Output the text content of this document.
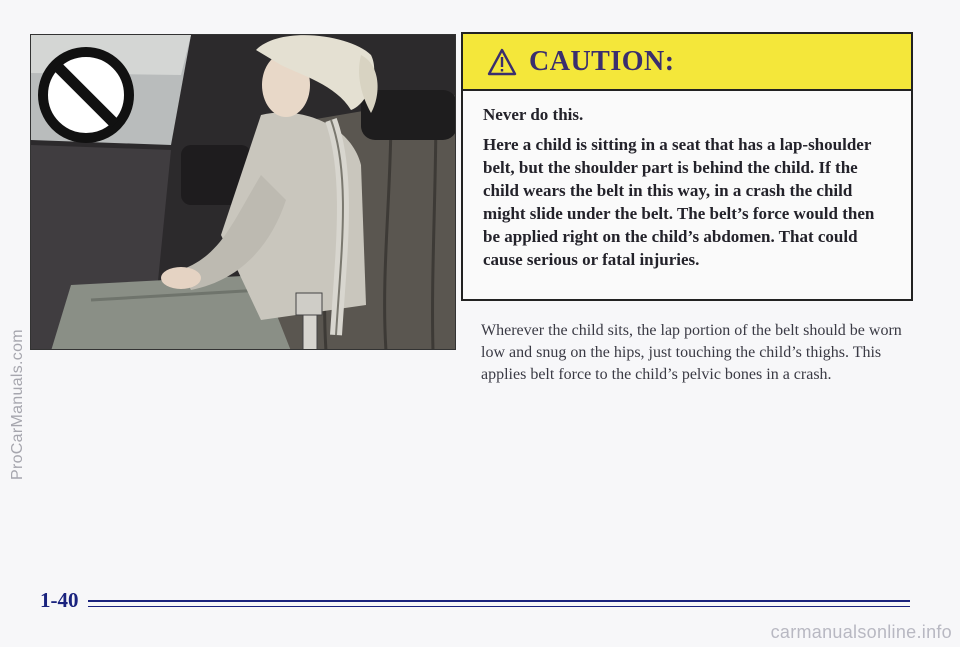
CAUTION:

Never do this.

Here a child is sitting in a seat that has a lap-shoulder belt, but the shoulder part is behind the child. If the child wears the belt in this way, in a crash the child might slide under the belt. The belt’s force would then be applied right on the child’s abdomen. That could cause serious or fatal injuries.

Wherever the child sits, the lap portion of the belt should be worn low and snug on the hips, just touching the child’s thighs. This applies belt force to the child’s pelvic bones in a crash.

ProCarManuals.com
1-40
carmanualsonline.info
